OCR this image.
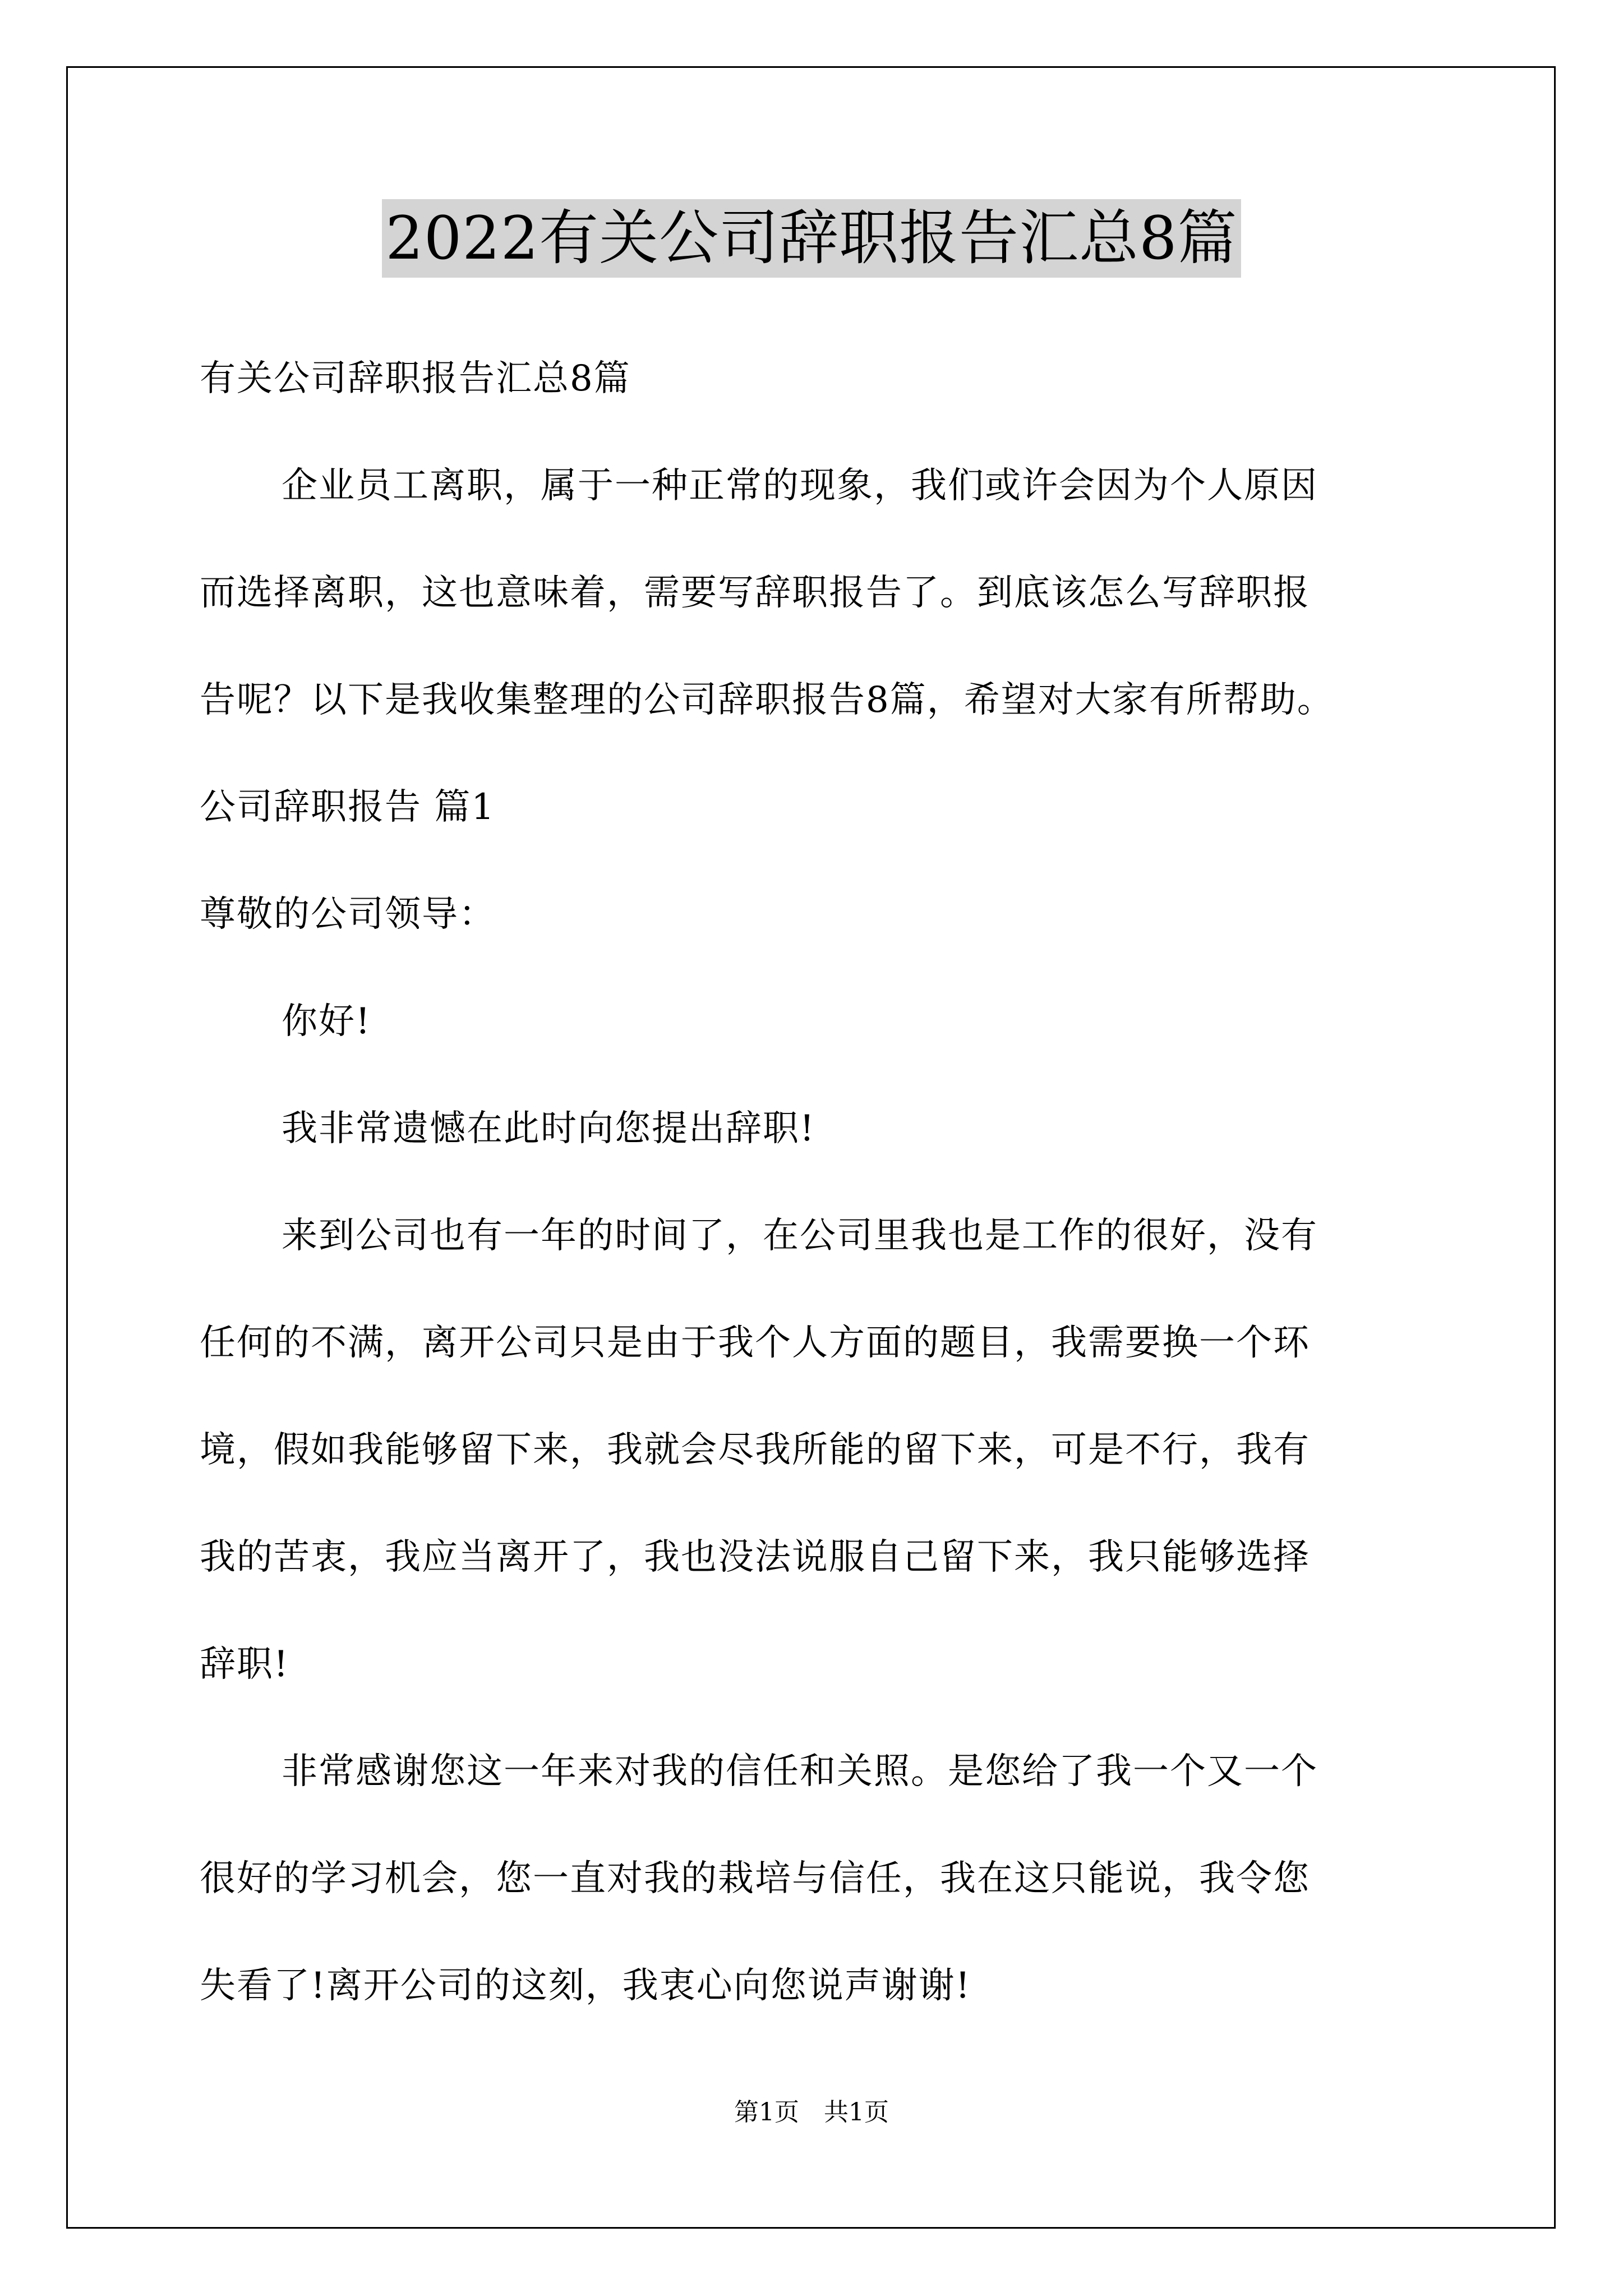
2022有关公司辞职报告汇总8篇
有关公司辞职报告汇总8篇
企业员工离职，属于一种正常的现象，我们或许会因为个人原因
而选择离职，这也意味着，需要写辞职报告了。到底该怎么写辞职报
告呢？以下是我收集整理的公司辞职报告8篇，希望对大家有所帮助。
公司辞职报告 篇1
尊敬的公司领导：
你好!
我非常遗憾在此时向您提出辞职!
来到公司也有一年的时间了，在公司里我也是工作的很好，没有
任何的不满，离开公司只是由于我个人方面的题目，我需要换一个环
境，假如我能够留下来，我就会尽我所能的留下来，可是不行，我有
我的苦衷，我应当离开了，我也没法说服自己留下来，我只能够选择
辞职!
非常感谢您这一年来对我的信任和关照。是您给了我一个又一个
很好的学习机会，您一直对我的栽培与信任，我在这只能说，我令您
失看了!离开公司的这刻，我衷心向您说声谢谢!
第1页　共1页
